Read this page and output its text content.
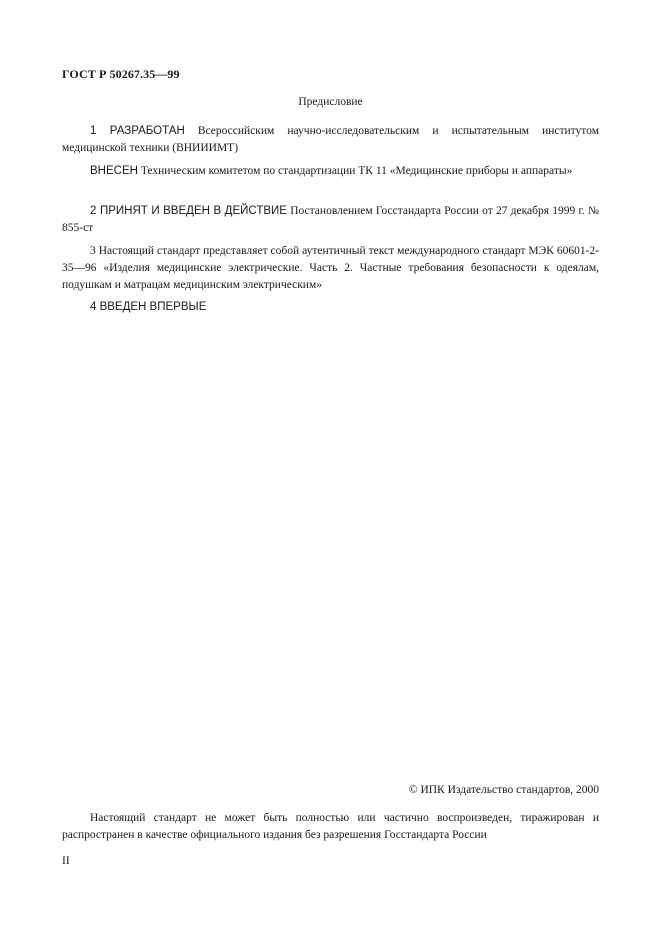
ГОСТ Р 50267.35—99
Предисловие
1 РАЗРАБОТАН Всероссийским научно-исследовательским и испытательным институтом медицинской техники (ВНИИИМТ)
ВНЕСЕН Техническим комитетом по стандартизации ТК 11 «Медицинские приборы и аппараты»
2 ПРИНЯТ И ВВЕДЕН В ДЕЙСТВИЕ Постановлением Госстандарта России от 27 декабря 1999 г. № 855-ст
3 Настоящий стандарт представляет собой аутентичный текст международного стандарт МЭК 60601-2-35—96 «Изделия медицинские электрические. Часть 2. Частные требования безопасности к одеялам, подушкам и матрацам медицинским электрическим»
4 ВВЕДЕН ВПЕРВЫЕ
© ИПК Издательство стандартов, 2000
Настоящий стандарт не может быть полностью или частично воспроизведен, тиражирован и распространен в качестве официального издания без разрешения Госстандарта России
II
